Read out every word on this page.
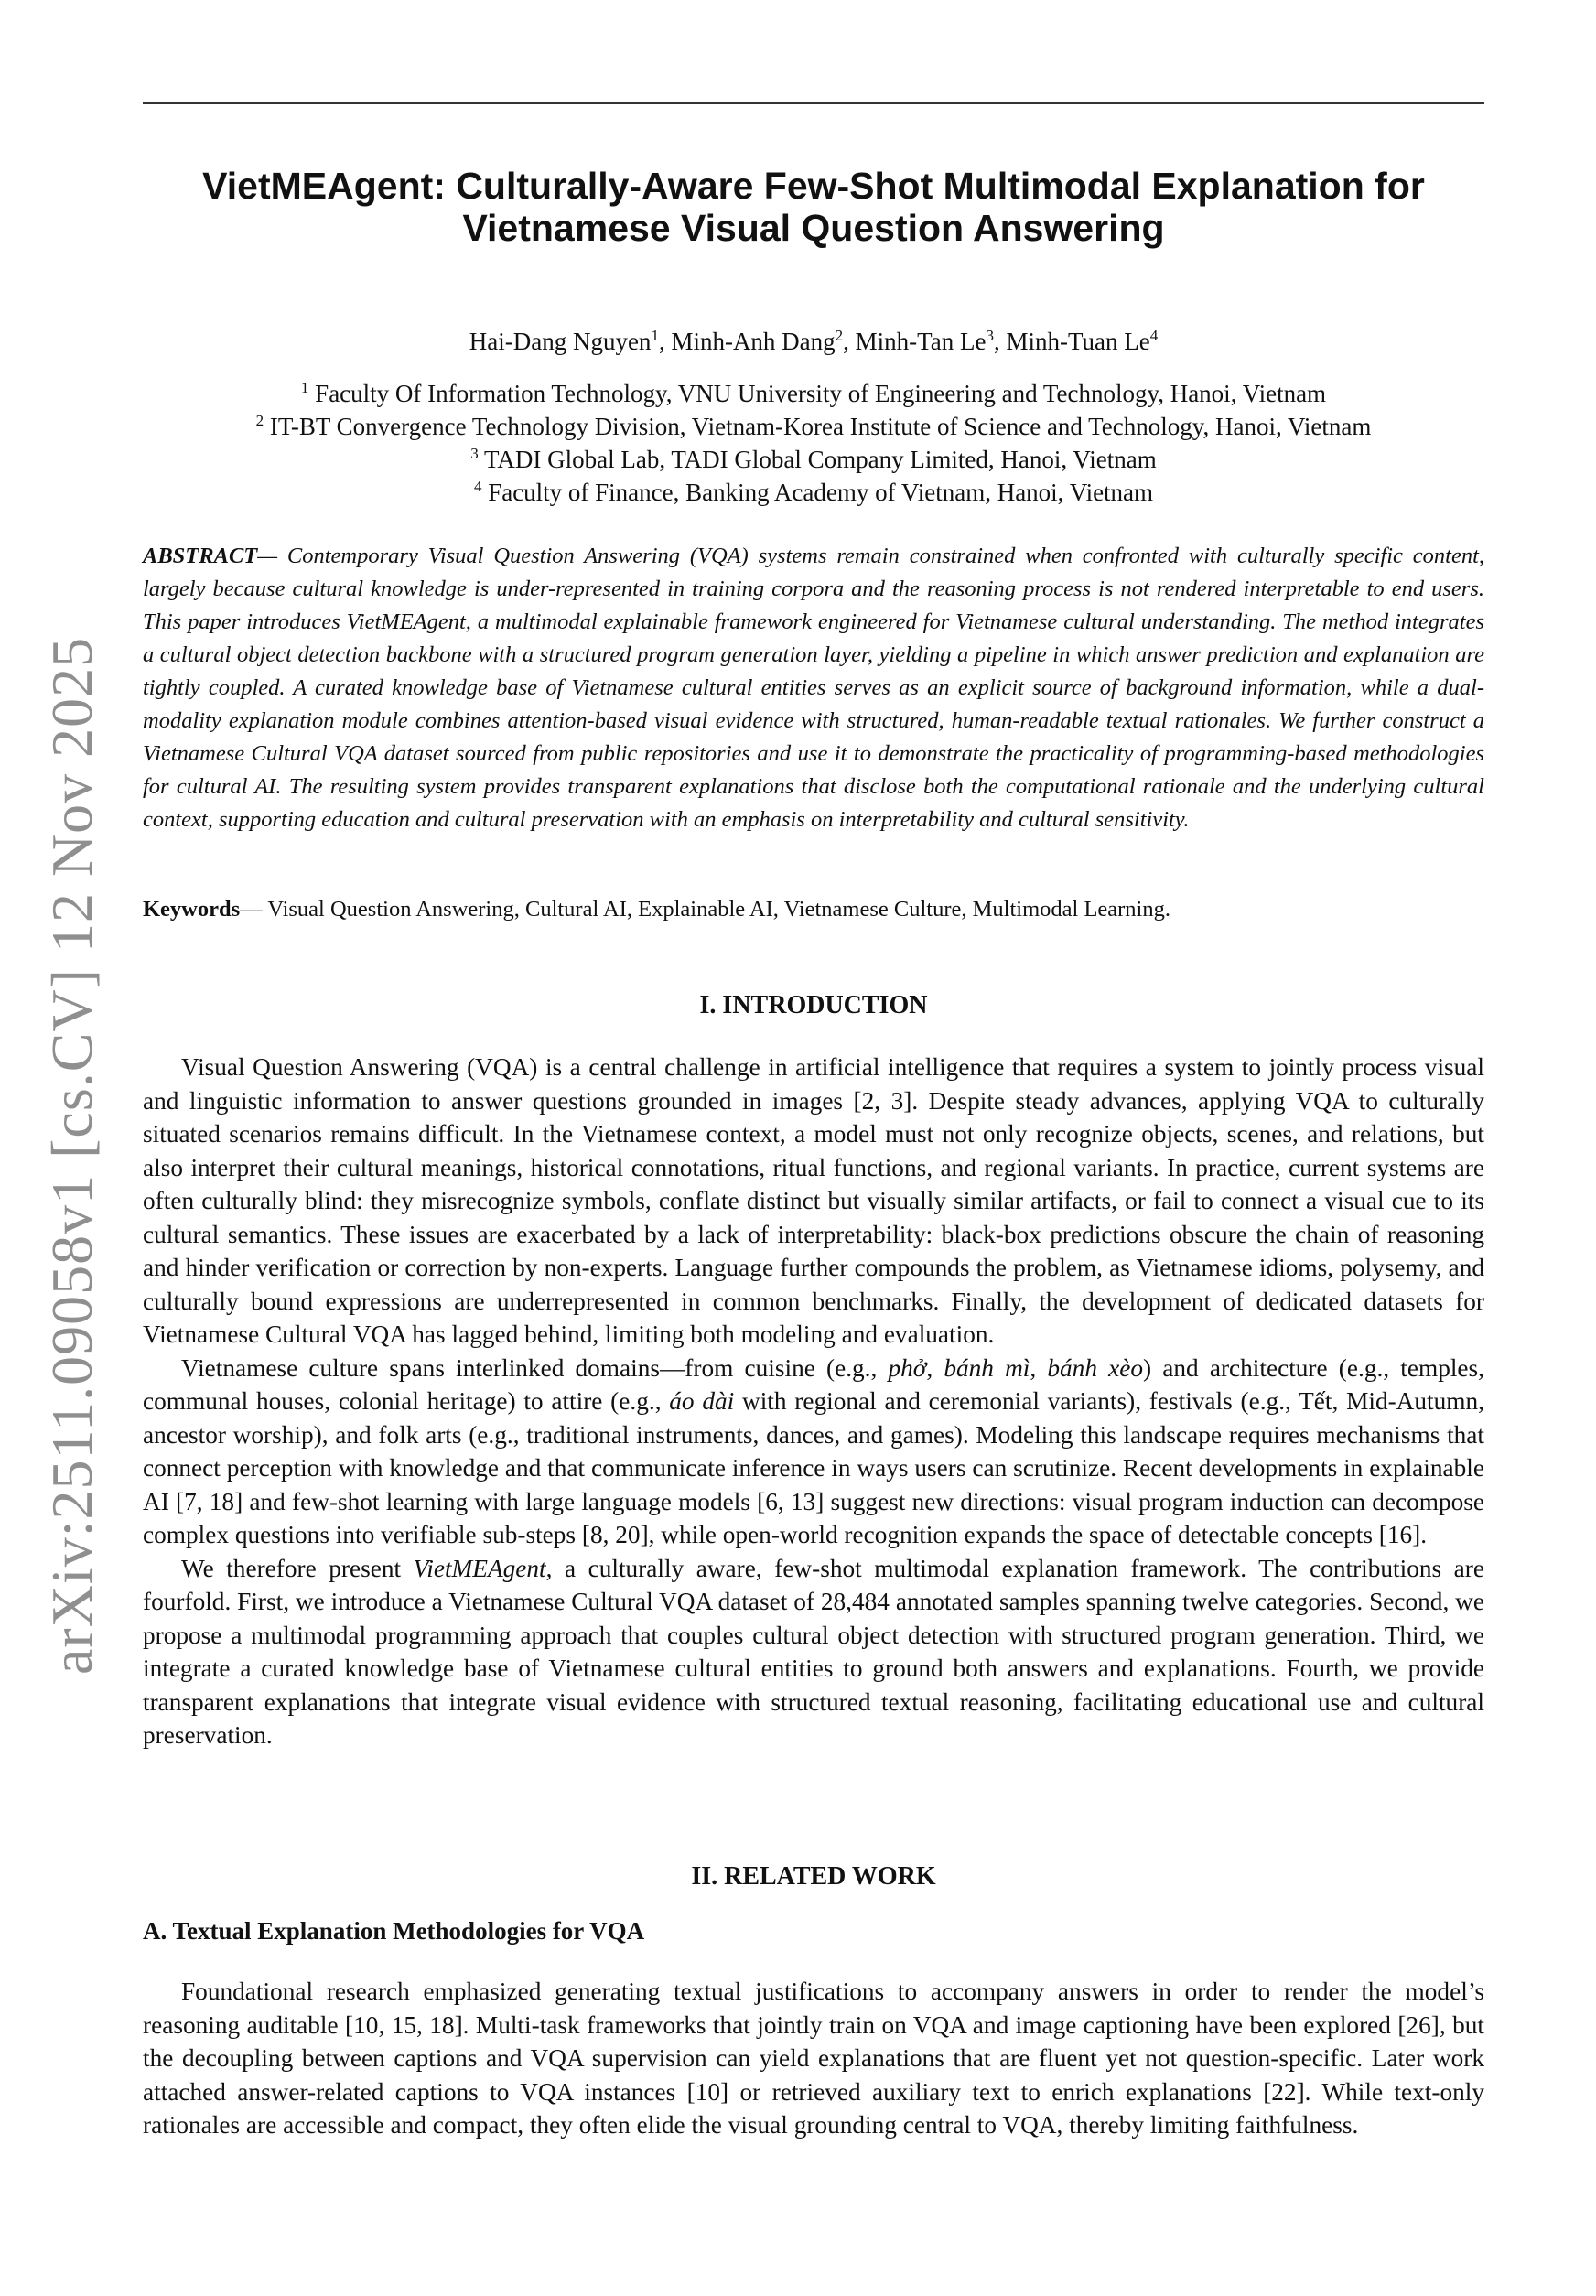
arXiv:2511.09058v1 [cs.CV] 12 Nov 2025
VietMEAgent: Culturally-Aware Few-Shot Multimodal Explanation for
Vietnamese Visual Question Answering
Hai-Dang Nguyen$^1$, Minh-Anh Dang$^2$, Minh-Tan Le$^3$, Minh-Tuan Le$^4$
$^1$ Faculty Of Information Technology, VNU University of Engineering and Technology, Hanoi, Vietnam
$^2$ IT-BT Convergence Technology Division, Vietnam-Korea Institute of Science and Technology, Hanoi, Vietnam
$^3$ TADI Global Lab, TADI Global Company Limited, Hanoi, Vietnam
$^4$ Faculty of Finance, Banking Academy of Vietnam, Hanoi, Vietnam
ABSTRACT— Contemporary Visual Question Answering (VQA) systems remain constrained when confronted with culturally specific content, largely because cultural knowledge is under-represented in training corpora and the reasoning process is not rendered interpretable to end users. This paper introduces VietMEAgent, a multimodal explainable framework engineered for Vietnamese cultural understanding. The method integrates a cultural object detection backbone with a structured program generation layer, yielding a pipeline in which answer prediction and explanation are tightly coupled. A curated knowledge base of Vietnamese cultural entities serves as an explicit source of background information, while a dual-modality explanation module combines attention-based visual evidence with structured, human-readable textual rationales. We further construct a Vietnamese Cultural VQA dataset sourced from public repositories and use it to demonstrate the practicality of programming-based methodologies for cultural AI. The resulting system provides transparent explanations that disclose both the computational rationale and the underlying cultural context, supporting education and cultural preservation with an emphasis on interpretability and cultural sensitivity.
Keywords— Visual Question Answering, Cultural AI, Explainable AI, Vietnamese Culture, Multimodal Learning.
I. INTRODUCTION

Visual Question Answering (VQA) is a central challenge in artificial intelligence that requires a system to jointly process visual and linguistic information to answer questions grounded in images [2, 3]. Despite steady advances, applying VQA to culturally situated scenarios remains difficult. In the Vietnamese context, a model must not only recognize objects, scenes, and relations, but also interpret their cultural meanings, historical connotations, ritual functions, and regional variants. In practice, current systems are often culturally blind: they misrecognize symbols, conflate distinct but visually similar artifacts, or fail to connect a visual cue to its cultural semantics. These issues are exacerbated by a lack of interpretability: black-box predictions obscure the chain of reasoning and hinder verification or correction by non-experts. Language further compounds the problem, as Vietnamese idioms, polysemy, and culturally bound expressions are underrepresented in common benchmarks. Finally, the development of dedicated datasets for Vietnamese Cultural VQA has lagged behind, limiting both modeling and evaluation.

Vietnamese culture spans interlinked domains—from cuisine (e.g., phở, bánh mì, bánh xèo) and architecture (e.g., temples, communal houses, colonial heritage) to attire (e.g., áo dài with regional and ceremonial variants), festivals (e.g., Tết, Mid-Autumn, ancestor worship), and folk arts (e.g., traditional instruments, dances, and games). Modeling this landscape requires mechanisms that connect perception with knowledge and that communicate inference in ways users can scrutinize. Recent developments in explainable AI [7, 18] and few-shot learning with large language models [6, 13] suggest new directions: visual program induction can decompose complex questions into verifiable sub-steps [8, 20], while open-world recognition expands the space of detectable concepts [16].

We therefore present VietMEAgent, a culturally aware, few-shot multimodal explanation framework. The contributions are fourfold. First, we introduce a Vietnamese Cultural VQA dataset of 28,484 annotated samples spanning twelve categories. Second, we propose a multimodal programming approach that couples cultural object detection with structured program generation. Third, we integrate a curated knowledge base of Vietnamese cultural entities to ground both answers and explanations. Fourth, we provide transparent explanations that integrate visual evidence with structured textual reasoning, facilitating educational use and cultural preservation.

II. RELATED WORK
A. Textual Explanation Methodologies for VQA

Foundational research emphasized generating textual justifications to accompany answers in order to render the model’s reasoning auditable [10, 15, 18]. Multi-task frameworks that jointly train on VQA and image captioning have been explored [26], but the decoupling between captions and VQA supervision can yield explanations that are fluent yet not question-specific. Later work attached answer-related captions to VQA instances [10] or retrieved auxiliary text to enrich explanations [22]. While text-only rationales are accessible and compact, they often elide the visual grounding central to VQA, thereby limiting faithfulness.
